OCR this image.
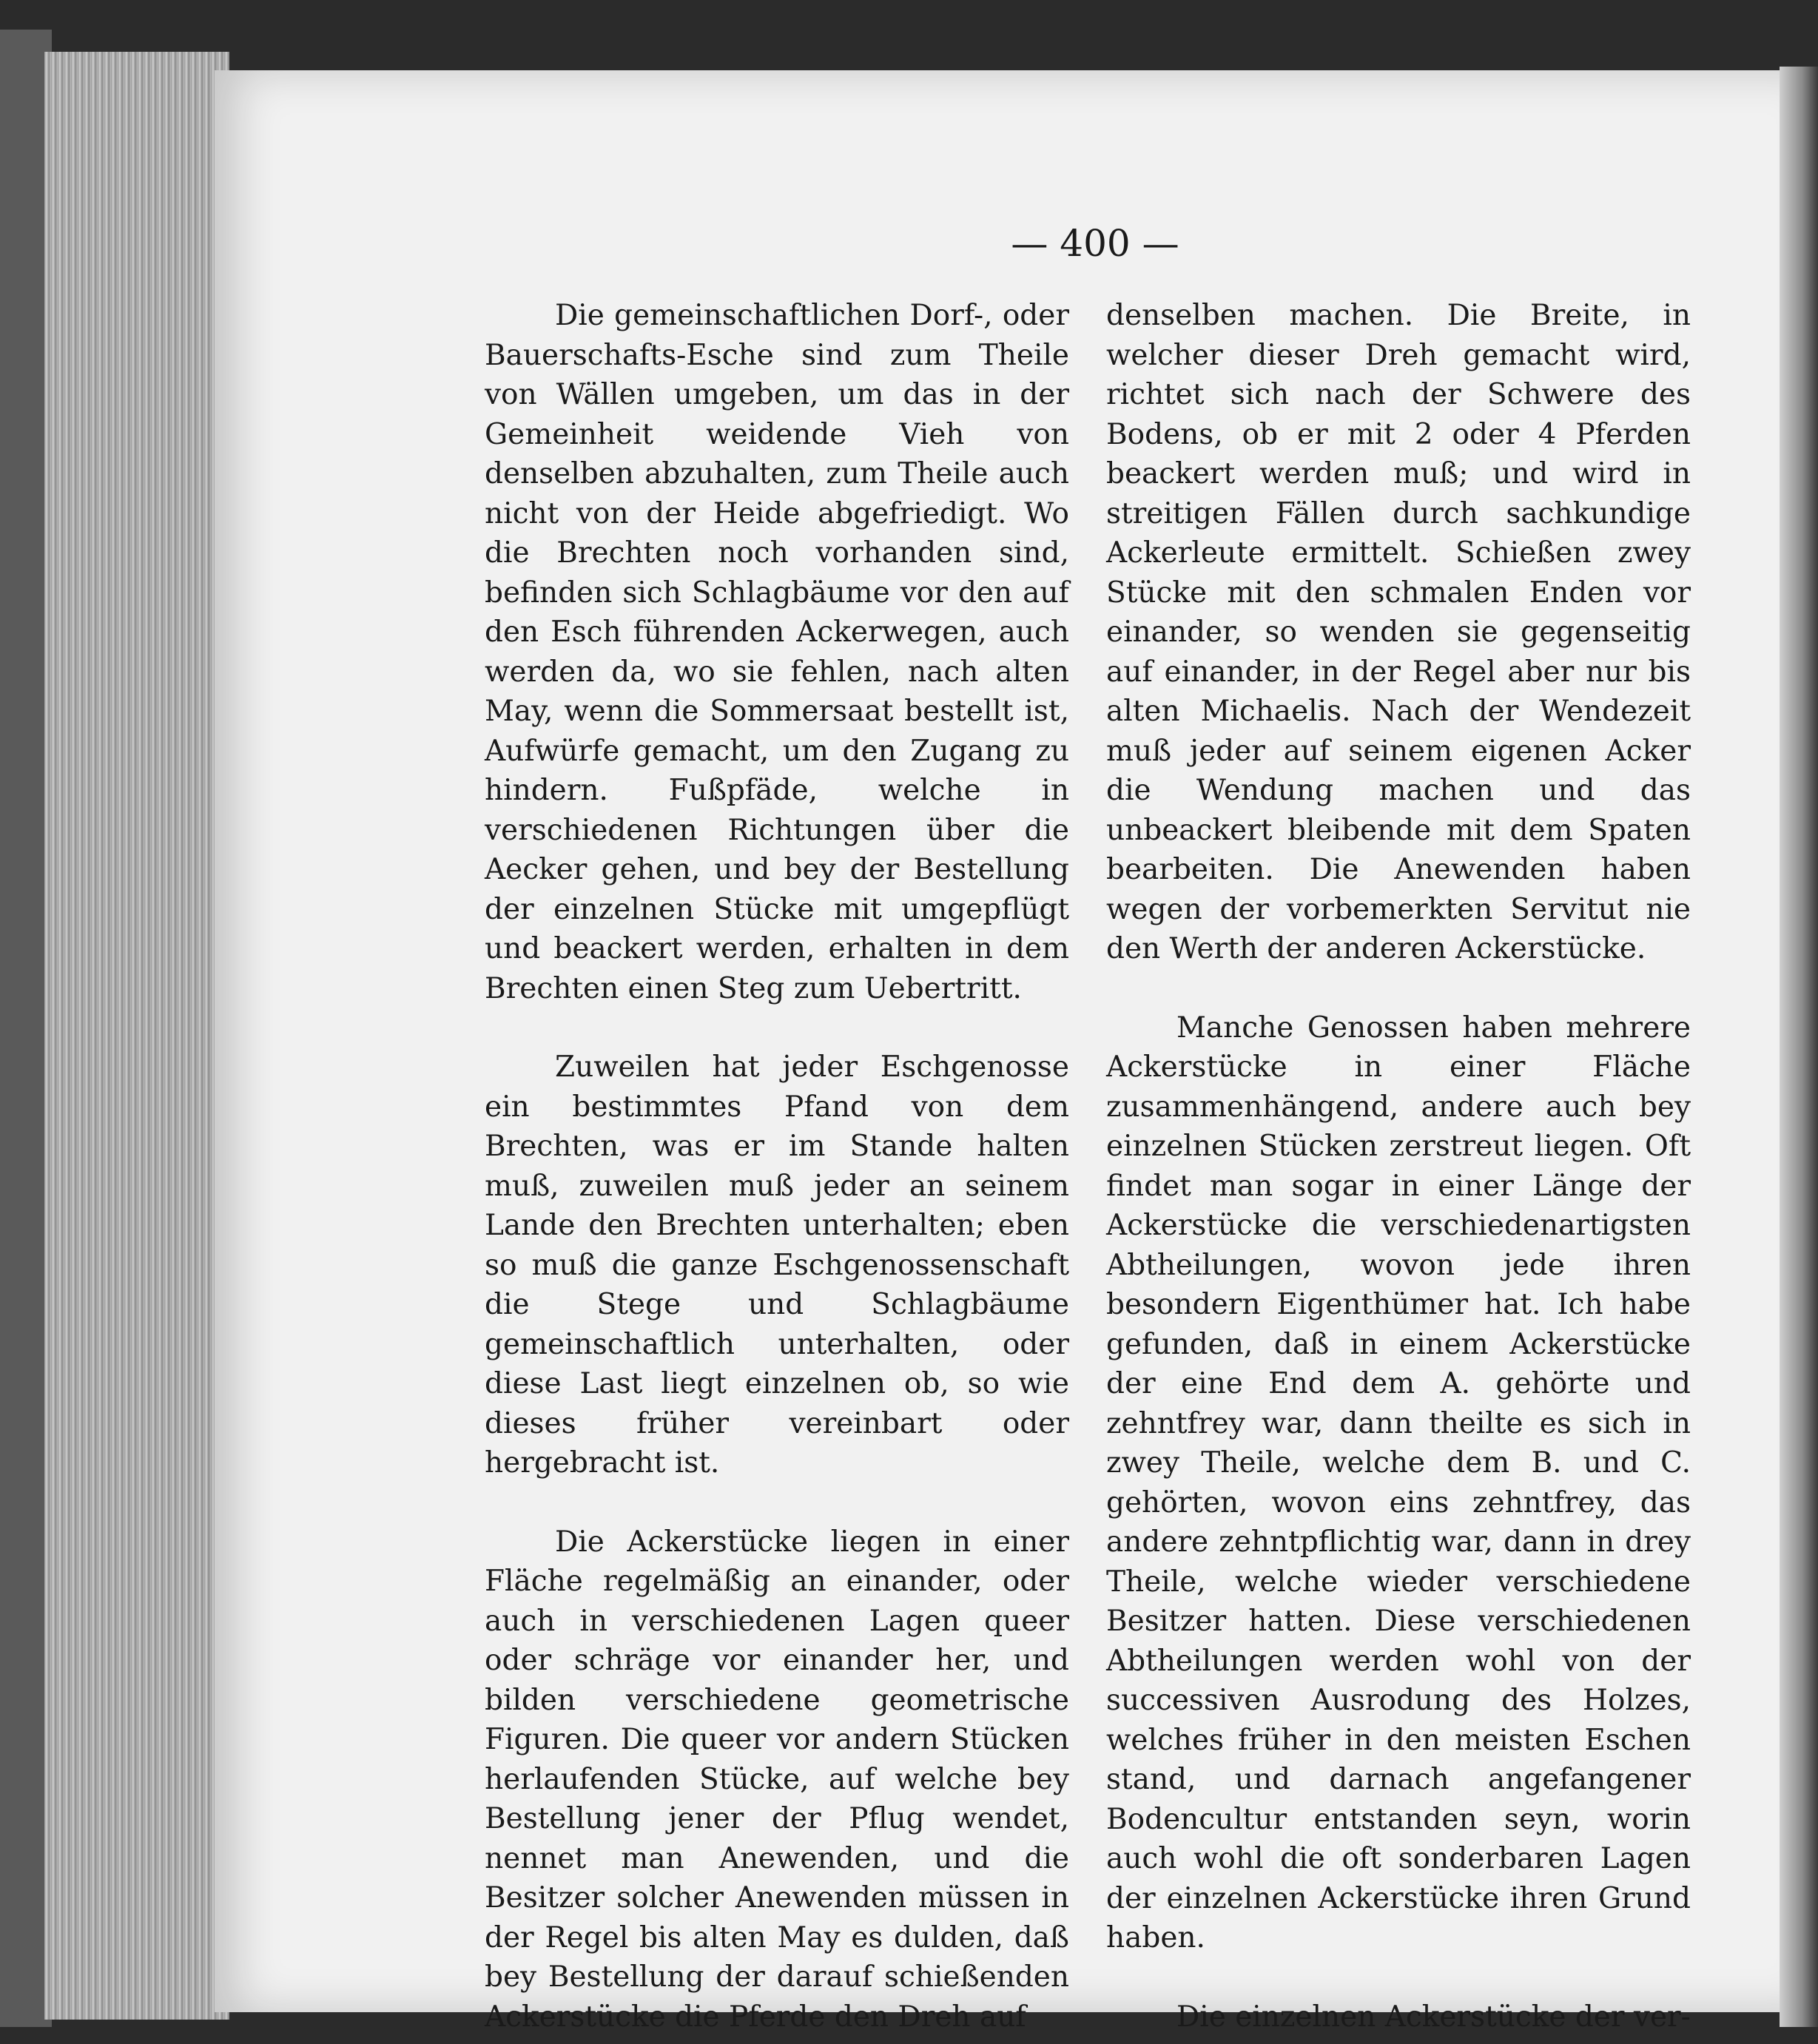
— 400 —

Die gemeinschaftlichen Dorf-, oder Bauerschafts-Esche sind zum Theile von Wällen umgeben, um das in der Gemeinheit weidende Vieh von denselben abzuhalten, zum Theile auch nicht von der Heide abgefriedigt. Wo die Brechten noch vorhanden sind, befinden sich Schlagbäume vor den auf den Esch führenden Ackerwegen, auch werden da, wo sie fehlen, nach alten May, wenn die Sommersaat bestellt ist, Aufwürfe gemacht, um den Zugang zu hindern. Fußpfäde, welche in verschiedenen Richtungen über die Aecker gehen, und bey der Bestellung der einzelnen Stücke mit umgepflügt und beackert werden, erhalten in dem Brechten einen Steg zum Uebertritt.

Zuweilen hat jeder Eschgenosse ein bestimmtes Pfand von dem Brechten, was er im Stande halten muß, zuweilen muß jeder an seinem Lande den Brechten unterhalten; eben so muß die ganze Eschgenossenschaft die Stege und Schlagbäume gemeinschaftlich unterhalten, oder diese Last liegt einzelnen ob, so wie dieses früher vereinbart oder hergebracht ist.

Die Ackerstücke liegen in einer Fläche regelmäßig an einander, oder auch in verschiedenen Lagen queer oder schräge vor einander her, und bilden verschiedene geometrische Figuren. Die queer vor andern Stücken herlaufenden Stücke, auf welche bey Bestellung jener der Pflug wendet, nennet man Anewenden, und die Besitzer solcher Anewenden müssen in der Regel bis alten May es dulden, daß bey Bestellung der darauf schießenden Ackerstücke die Pferde den Dreh auf

denselben machen. Die Breite, in welcher dieser Dreh gemacht wird, richtet sich nach der Schwere des Bodens, ob er mit 2 oder 4 Pferden beackert werden muß; und wird in streitigen Fällen durch sachkundige Ackerleute ermittelt. Schießen zwey Stücke mit den schmalen Enden vor einander, so wenden sie gegenseitig auf einander, in der Regel aber nur bis alten Michaelis. Nach der Wendezeit muß jeder auf seinem eigenen Acker die Wendung machen und das unbeackert bleibende mit dem Spaten bearbeiten. Die Anewenden haben wegen der vorbemerkten Servitut nie den Werth der anderen Ackerstücke.

Manche Genossen haben mehrere Ackerstücke in einer Fläche zusammenhängend, andere auch bey einzelnen Stücken zerstreut liegen. Oft findet man sogar in einer Länge der Ackerstücke die verschiedenartigsten Abtheilungen, wovon jede ihren besondern Eigenthümer hat. Ich habe gefunden, daß in einem Ackerstücke der eine End dem A. gehörte und zehntfrey war, dann theilte es sich in zwey Theile, welche dem B. und C. gehörten, wovon eins zehntfrey, das andere zehntpflichtig war, dann in drey Theile, welche wieder verschiedene Besitzer hatten. Diese verschiedenen Abtheilungen werden wohl von der successiven Ausrodung des Holzes, welches früher in den meisten Eschen stand, und darnach angefangener Bodencultur entstanden seyn, worin auch wohl die oft sonderbaren Lagen der einzelnen Ackerstücke ihren Grund haben.

Die einzelnen Ackerstücke der ver-
